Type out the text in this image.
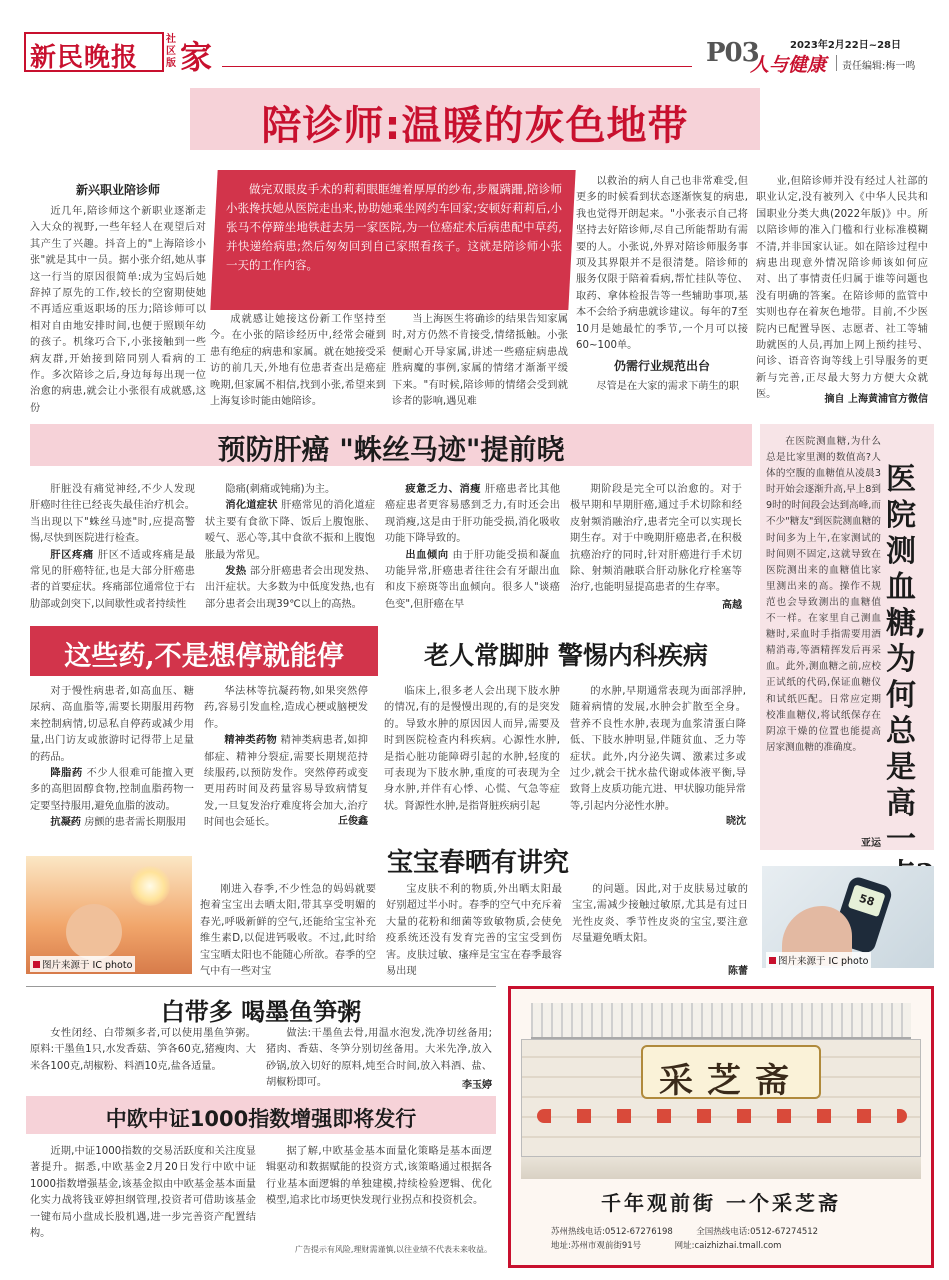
新民晚报
社区版 家	P03	2023年2月22日~28日
人与健康 责任编辑:梅一鸣
陪诊师:温暖的灰色地带

新兴职业陪诊师

近几年,陪诊师这个新职业逐渐走入大众的视野,一些年轻人在观望后对其产生了兴趣。抖音上的"上海陪诊小张"就是其中一员。据小张介绍,她从事这一行当的原因很简单:成为宝妈后她辞掉了原先的工作,较长的空窗期使她不再适应重返职场的压力;陪诊师可以相对自由地安排时间,也便于照顾年幼的孩子。机缘巧合下,小张接触到一些病友群,开始接到陪同别人看病的工作。多次陪诊之后,身边每每出现一位治愈的病患,就会让小张很有成就感,这份

做完双眼皮手术的莉莉眼眶缠着厚厚的纱布,步履蹒跚,陪诊师小张搀扶她从医院走出来,协助她乘坐网约车回家;安顿好莉莉后,小张马不停蹄坐地铁赶去另一家医院,为一位癌症术后病患配中草药,并快递给病患;然后匆匆回到自己家照看孩子。这就是陪诊师小张一天的工作内容。

成就感让她接这份新工作坚持至今。在小张的陪诊经历中,经常会碰到患有绝症的病患和家属。就在她接受采访的前几天,外地有位患者查出是癌症晚期,但家属不相信,找到小张,希望来到上海复诊时能由她陪诊。

当上海医生将确诊的结果告知家属时,对方仍然不肯接受,情绪抵触。小张便耐心开导家属,讲述一些癌症病患战胜病魔的事例,家属的情绪才渐渐平缓下来。"有时候,陪诊师的情绪会受到就诊者的影响,遇见难

以救治的病人自己也非常难受,但更多的时候看到状态逐渐恢复的病患,我也觉得开朗起来。"小张表示自己将坚持去好陪诊师,尽自己所能帮助有需要的人。小张说,外界对陪诊师服务事项及其界限并不是很清楚。陪诊师的服务仅限于陪着看病,帮忙挂队等位、取药、拿体检报告等一些辅助事项,基本不会给予病患就诊建议。每年的7至10月是她最忙的季节,一个月可以接60~100单。

仍需行业规范出台

尽管是在大家的需求下萌生的职

业,但陪诊师并没有经过人社部的职业认定,没有被列入《中华人民共和国职业分类大典(2022年版)》中。所以陪诊师的准入门槛和行业标准模糊不清,并非国家认证。如在陪诊过程中病患出现意外情况陪诊师该如何应对、出了事情责任归属于谁等问题也没有明确的答案。在陪诊师的监管中实则也存在着灰色地带。目前,不少医院内已配置导医、志愿者、社工等辅助就医的人员,再加上网上预约挂号、问诊、语音咨询等线上引导服务的更新与完善,正尽最大努力方便大众就医。	摘自 上海黄浦官方微信
预防肝癌 "蛛丝马迹"提前晓

肝脏没有痛觉神经,不少人发现肝癌时往往已经丧失最佳治疗机会。当出现以下"蛛丝马迹"时,应提高警惕,尽快到医院进行检查。

肝区疼痛 肝区不适或疼痛是最常见的肝癌特征,也是大部分肝癌患者的首要症状。疼痛部位通常位于右肋部或剑突下,以间歇性或者持续性

隐痛(刺痛或钝痛)为主。

消化道症状 肝癌常见的消化道症状主要有食欲下降、饭后上腹饱胀、嗳气、恶心等,其中食欲不振和上腹饱胀最为常见。

发热 部分肝癌患者会出现发热、出汗症状。大多数为中低度发热,也有部分患者会出现39℃以上的高热。

疲惫乏力、消瘦 肝癌患者比其他癌症患者更容易感到乏力,有时还会出现消瘦,这是由于肝功能受损,消化吸收功能下降导致的。

出血倾向 由于肝功能受损和凝血功能异常,肝癌患者往往会有牙龈出血和皮下瘀斑等出血倾向。很多人"谈癌色变",但肝癌在早

期阶段是完全可以治愈的。对于极早期和早期肝癌,通过手术切除和经皮射频消融治疗,患者完全可以实现长期生存。对于中晚期肝癌患者,在积极抗癌治疗的同时,针对肝癌进行手术切除、射频消融联合肝动脉化疗栓塞等治疗,也能明显提高患者的生存率。

高越

在医院测血糖,为什么总是比家里测的数值高?人体的空腹的血糖值从凌晨3时开始会逐渐升高,早上8到9时的时间段会达到高峰,而不少"糖友"到医院测血糖的时间多为上午,在家测试的时间则不固定,这就导致在医院测出来的血糖值比家里测出来的高。操作不规范也会导致测出的血糖值不一样。在家里自己测血糖时,采血时手指需要用酒精消毒,等酒精挥发后再采血。此外,测血糖之前,应校正试纸的代码,保证血糖仪和试纸匹配。日常应定期校准血糖仪,将试纸保存在阴凉干燥的位置也能提高居家测血糖的准确度。

医院测血糖,为何总是高一
亚运
58
图片来源于 IC photo
这些药,不是想停就能停

对于慢性病患者,如高血压、糖尿病、高血脂等,需要长期服用药物来控制病情,切忌私自停药或减少用量,出门访友或旅游时记得带上足量的药品。

降脂药 不少人很难可能擅入更多的高胆固醇食物,控制血脂药物一定要坚持服用,避免血脂的波动。

抗凝药 房颤的患者需长期服用

华法林等抗凝药物,如果突然停药,容易引发血栓,造成心梗或脑梗发作。

精神类药物 精神类病患者,如抑郁症、精神分裂症,需要长期规范持续服药,以预防发作。突然停药或变更用药时间及药量容易导致病情复发,一旦复发治疗难度将会加大,治疗时间也会延长。	丘俊鑫
老人常脚肿 警惕内科疾病

临床上,很多老人会出现下肢水肿的情况,有的是慢慢出现的,有的是突发的。导致水肿的原因因人而异,需要及时到医院检查内科疾病。心源性水肿,是指心脏功能障碍引起的水肿,轻度的可表现为下肢水肿,重度的可表现为全身水肿,并伴有心悸、心慌、气急等症状。肾源性水肿,是指肾脏疾病引起

的水肿,早期通常表现为面部浮肿,随着病情的发展,水肿会扩散至全身。营养不良性水肿,表现为血浆清蛋白降低、下肢水肿明显,伴随贫血、乏力等症状。此外,内分泌失调、激素过多或过少,就会干扰水盐代谢或体液平衡,导致肾上皮质功能亢进、甲状腺功能异常等,引起内分泌性水肿。

晓沈
图片来源于 IC photo
宝宝春晒有讲究

刚进入春季,不少性急的妈妈就要抱着宝宝出去晒太阳,带其享受明媚的春光,呼吸新鲜的空气,还能给宝宝补充维生素D,以促进钙吸收。不过,此时给宝宝晒太阳也不能随心所欲。春季的空气中有一些对宝

宝皮肤不利的物质,外出晒太阳最好别超过半小时。春季的空气中充斥着大量的花粉和细菌等致敏物质,会使免疫系统还没有发育完善的宝宝受到伤害。皮肤过敏、瘙痒是宝宝在春季最容易出现

的问题。因此,对于皮肤易过敏的宝宝,需减少接触过敏原,尤其是有过日光性皮炎、季节性皮炎的宝宝,要注意尽量避免晒太阳。

陈蕾
白带多 喝墨鱼笋粥

女性闭经、白带频多者,可以使用墨鱼笋粥。原料:干墨鱼1只,水发香菇、笋各60克,猪瘦肉、大米各100克,胡椒粉、料酒10克,盐各适量。

做法:干墨鱼去骨,用温水泡发,洗净切丝备用;猪肉、香菇、冬笋分别切丝备用。大米先净,放入砂锅,放入切好的原料,炖至合时间,放入料酒、盐、胡椒粉即可。	李玉婷
中欧中证1000指数增强即将发行

近期,中证1000指数的交易活跃度和关注度显著提升。据悉,中欧基金2月20日发行中欧中证1000指数增强基金,该基金拟由中欧基金基本面量化实力战将钱亚婷担纲管理,投资者可借助该基金一键布局小盘成长股机遇,进一步完善资产配置结构。

据了解,中欧基金基本面量化策略是基本面逻辑驱动和数据赋能的投资方式,该策略通过根据各行业基本面逻辑的单独建模,持续检验逻辑、优化模型,追求比市场更快发现行业拐点和投资机会。

广告提示有风险,理财需谨慎,以往业绩不代表未来收益。
采芝斋
千年观前街 一个采芝斋
苏州热线电话:0512-67276198	全国热线电话:0512-67274512
地址:苏州市观前街91号	网址:caizhizhai.tmall.com
